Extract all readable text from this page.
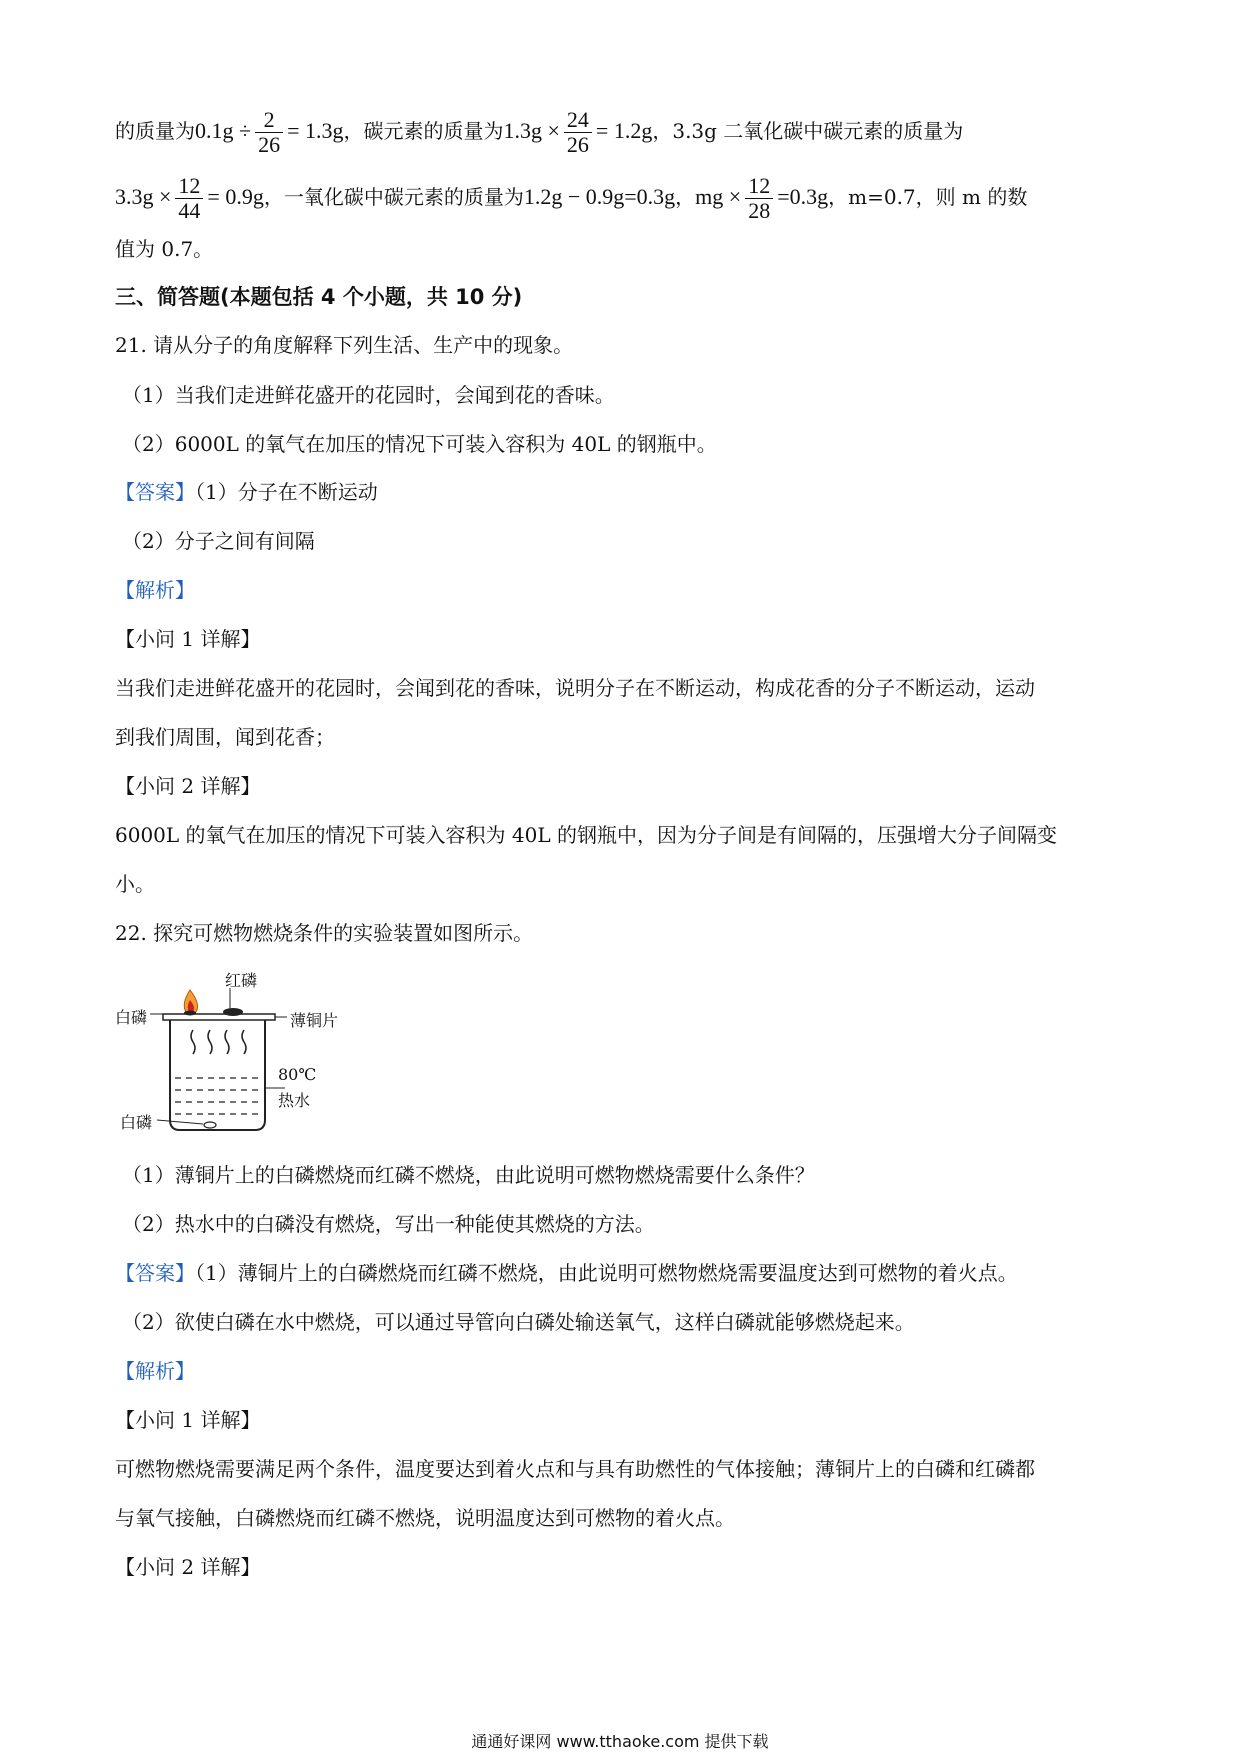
的质量为$0.1g \div \frac{2}{26} = 1.3g$，碳元素的质量为$1.3g \times \frac{24}{26} = 1.2g$，3.3g 二氧化碳中碳元素的质量为
$3.3g \times \frac{12}{44} = 0.9g$，一氧化碳中碳元素的质量为1.2g − 0.9g=0.3g，mg × $\frac{12}{28} =0.3g$，m=0.7，则 m 的数
值为 0.7。
三、简答题(本题包括 4 个小题，共 10 分)
21. 请从分子的角度解释下列生活、生产中的现象。
（1）当我们走进鲜花盛开的花园时，会闻到花的香味。
（2）6000L 的氧气在加压的情况下可装入容积为 40L 的钢瓶中。
【答案】（1）分子在不断运动
（2）分子之间有间隔
【解析】
【小问 1 详解】
当我们走进鲜花盛开的花园时，会闻到花的香味，说明分子在不断运动，构成花香的分子不断运动，运动
到我们周围，闻到花香；
【小问 2 详解】
6000L 的氧气在加压的情况下可装入容积为 40L 的钢瓶中，因为分子间是有间隔的，压强增大分子间隔变
小。
22. 探究可燃物燃烧条件的实验装置如图所示。
红磷
白磷	薄铜片
80℃
热水
白磷
（1）薄铜片上的白磷燃烧而红磷不燃烧，由此说明可燃物燃烧需要什么条件？
（2）热水中的白磷没有燃烧，写出一种能使其燃烧的方法。
【答案】（1）薄铜片上的白磷燃烧而红磷不燃烧，由此说明可燃物燃烧需要温度达到可燃物的着火点。
（2）欲使白磷在水中燃烧，可以通过导管向白磷处输送氧气，这样白磷就能够燃烧起来。
【解析】
【小问 1 详解】
可燃物燃烧需要满足两个条件，温度要达到着火点和与具有助燃性的气体接触；薄铜片上的白磷和红磷都
与氧气接触，白磷燃烧而红磷不燃烧，说明温度达到可燃物的着火点。
【小问 2 详解】
通通好课网 www.tthaoke.com 提供下载
